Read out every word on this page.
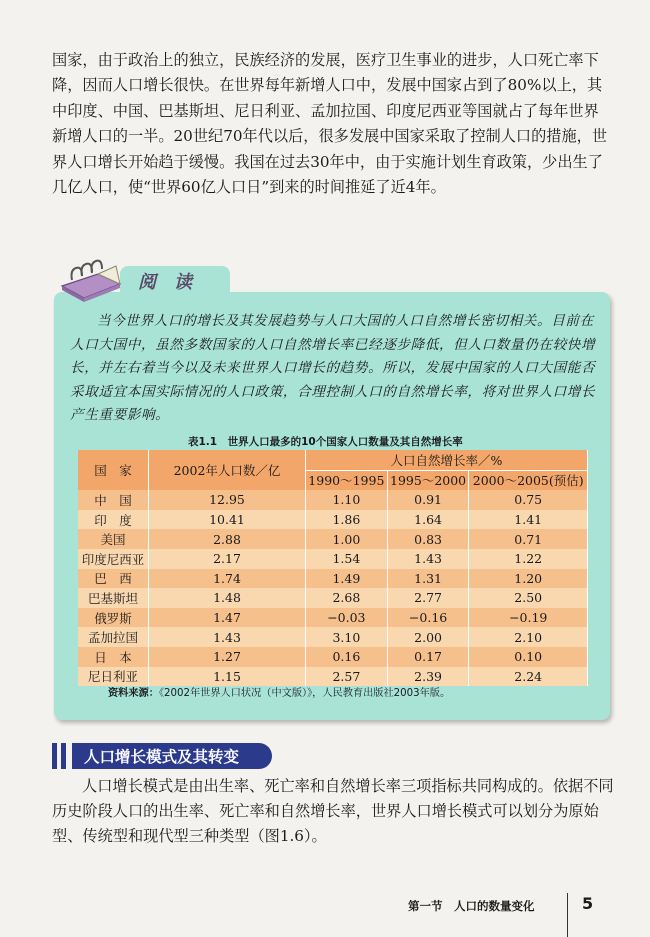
国家，由于政治上的独立，民族经济的发展，医疗卫生事业的进步，人口死亡率下降，因而人口增长很快。在世界每年新增人口中，发展中国家占到了80%以上，其中印度、中国、巴基斯坦、尼日利亚、孟加拉国、印度尼西亚等国就占了每年世界新增人口的一半。20世纪70年代以后，很多发展中国家采取了控制人口的措施，世界人口增长开始趋于缓慢。我国在过去30年中，由于实施计划生育政策，少出生了几亿人口，使“世界60亿人口日”到来的时间推延了近4年。

阅读

当今世界人口的增长及其发展趋势与人口大国的人口自然增长密切相关。目前在人口大国中，虽然多数国家的人口自然增长率已经逐步降低，但人口数量仍在较快增长，并左右着当今以及未来世界人口增长的趋势。所以，发展中国家的人口大国能否采取适宜本国实际情况的人口政策，合理控制人口的自然增长率，将对世界人口增长产生重要影响。

表1.1　世界人口最多的10个国家人口数量及其自然增长率
国　家	2002年人口数／亿	人口自然增长率／%		
		1990～1995	1995～2000	2000～2005(预估)
中　国	12.95	1.10	0.91	0.75
印　度	10.41	1.86	1.64	1.41
美国	2.88	1.00	0.83	0.71
印度尼西亚	2.17	1.54	1.43	1.22
巴　西	1.74	1.49	1.31	1.20
巴基斯坦	1.48	2.68	2.77	2.50
俄罗斯	1.47	−0.03	−0.16	−0.19
孟加拉国	1.43	3.10	2.00	2.10
日　本	1.27	0.16	0.17	0.10
尼日利亚	1.15	2.57	2.39	2.24
资料来源：《2002年世界人口状况（中文版）》，人民教育出版社2003年版。
人口增长模式及其转变

人口增长模式是由出生率、死亡率和自然增长率三项指标共同构成的。依据不同历史阶段人口的出生率、死亡率和自然增长率，世界人口增长模式可以划分为原始型、传统型和现代型三种类型（图1.6）。

第一节　人口的数量变化	5
